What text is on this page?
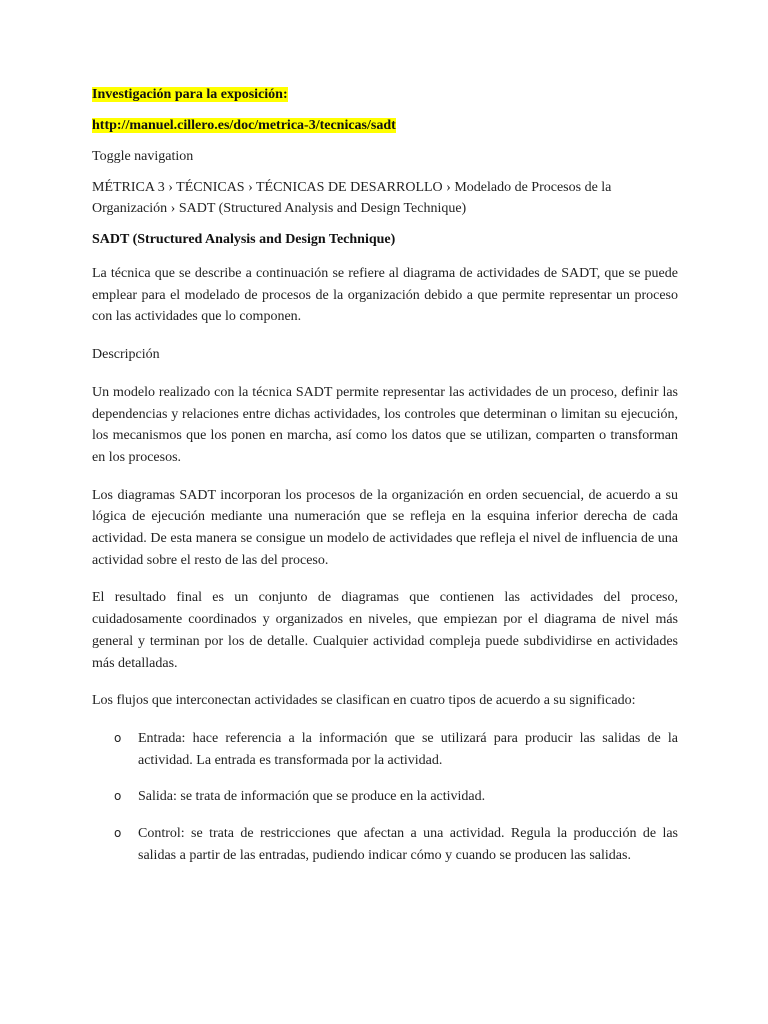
Investigación para la exposición:
http://manuel.cillero.es/doc/metrica-3/tecnicas/sadt
Toggle navigation
MÉTRICA 3 › TÉCNICAS › TÉCNICAS DE DESARROLLO › Modelado de Procesos de la Organización › SADT (Structured Analysis and Design Technique)
SADT (Structured Analysis and Design Technique)

La técnica que se describe a continuación se refiere al diagrama de actividades de SADT, que se puede emplear para el modelado de procesos de la organización debido a que permite representar un proceso con las actividades que lo componen.

Descripción

Un modelo realizado con la técnica SADT permite representar las actividades de un proceso, definir las dependencias y relaciones entre dichas actividades, los controles que determinan o limitan su ejecución, los mecanismos que los ponen en marcha, así como los datos que se utilizan, comparten o transforman en los procesos.

Los diagramas SADT incorporan los procesos de la organización en orden secuencial, de acuerdo a su lógica de ejecución mediante una numeración que se refleja en la esquina inferior derecha de cada actividad. De esta manera se consigue un modelo de actividades que refleja el nivel de influencia de una actividad sobre el resto de las del proceso.

El resultado final es un conjunto de diagramas que contienen las actividades del proceso, cuidadosamente coordinados y organizados en niveles, que empiezan por el diagrama de nivel más general y terminan por los de detalle. Cualquier actividad compleja puede subdividirse en actividades más detalladas.

Los flujos que interconectan actividades se clasifican en cuatro tipos de acuerdo a su significado:

o Entrada: hace referencia a la información que se utilizará para producir las salidas de la actividad. La entrada es transformada por la actividad.
o Salida: se trata de información que se produce en la actividad.
o Control: se trata de restricciones que afectan a una actividad. Regula la producción de las salidas a partir de las entradas, pudiendo indicar cómo y cuando se producen las salidas.
